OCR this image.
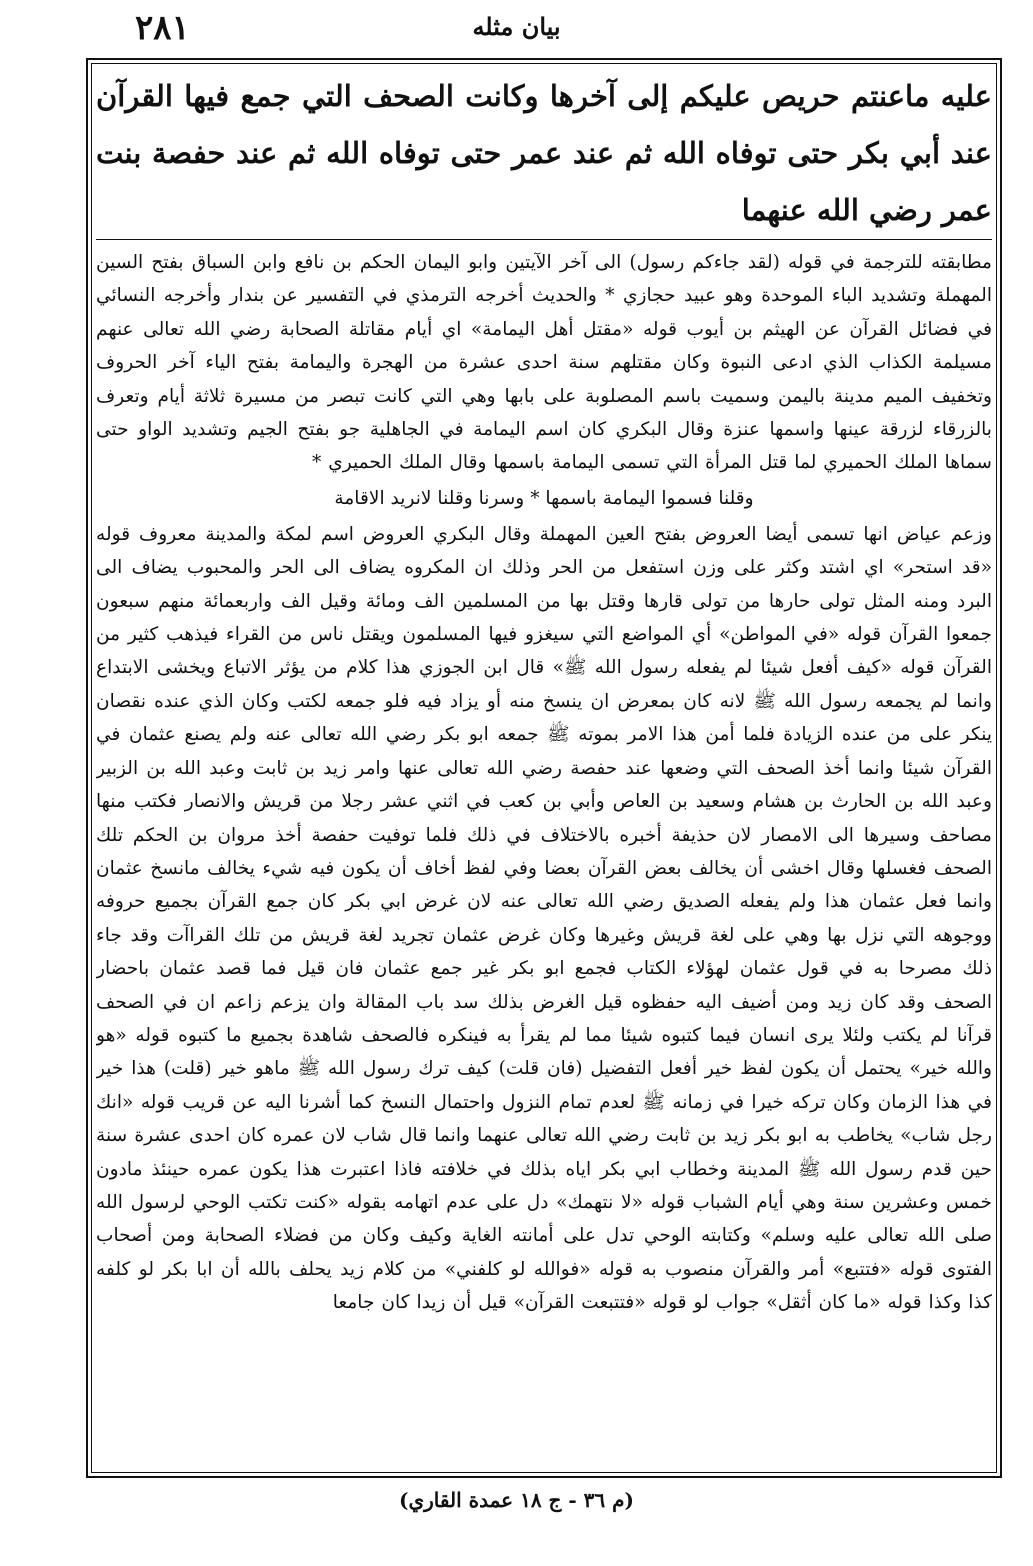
٢٨١	بيان مثله

عليه ماعنتم حريص عليكم إلى آخرها وكانت الصحف التي جمع فيها القرآن عند أبي بكر حتى توفاه الله ثم عند عمر حتى توفاه الله ثم عند حفصة بنت عمر رضي الله عنهما

مطابقته للترجمة في قوله (لقد جاءكم رسول) الى آخر الآيتين وابو اليمان الحكم بن نافع وابن السباق بفتح السين المهملة وتشديد الباء الموحدة وهو عبيد حجازي * والحديث أخرجه الترمذي في التفسير عن بندار وأخرجه النسائي في فضائل القرآن عن الهيثم بن أيوب قوله «مقتل أهل اليمامة» اي أيام مقاتلة الصحابة رضي الله تعالى عنهم مسيلمة الكذاب الذي ادعى النبوة وكان مقتلهم سنة احدى عشرة من الهجرة واليمامة بفتح الياء آخر الحروف وتخفيف الميم مدينة باليمن وسميت باسم المصلوبة على بابها وهي التي كانت تبصر من مسيرة ثلاثة أيام وتعرف بالزرقاء لزرقة عينها واسمها عنزة وقال البكري كان اسم اليمامة في الجاهلية جو بفتح الجيم وتشديد الواو حتى سماها الملك الحميري لما قتل المرأة التي تسمى اليمامة باسمها وقال الملك الحميري *

وقلنا فسموا اليمامة باسمها * وسرنا وقلنا لانريد الاقامة

وزعم عياض انها تسمى أيضا العروض بفتح العين المهملة وقال البكري العروض اسم لمكة والمدينة معروف قوله «قد استحر» اي اشتد وكثر على وزن استفعل من الحر وذلك ان المكروه يضاف الى الحر والمحبوب يضاف الى البرد ومنه المثل تولى حارها من تولى قارها وقتل بها من المسلمين الف ومائة وقيل الف واربعمائة منهم سبعون جمعوا القرآن قوله «في المواطن» أي المواضع التي سيغزو فيها المسلمون ويقتل ناس من القراء فيذهب كثير من القرآن قوله «كيف أفعل شيئا لم يفعله رسول الله ﷺ» قال ابن الجوزي هذا كلام من يؤثر الاتباع ويخشى الابتداع وانما لم يجمعه رسول الله ﷺ لانه كان بمعرض ان ينسخ منه أو يزاد فيه فلو جمعه لكتب وكان الذي عنده نقصان ينكر على من عنده الزيادة فلما أمن هذا الامر بموته ﷺ جمعه ابو بكر رضي الله تعالى عنه ولم يصنع عثمان في القرآن شيئا وانما أخذ الصحف التي وضعها عند حفصة رضي الله تعالى عنها وامر زيد بن ثابت وعبد الله بن الزبير وعبد الله بن الحارث بن هشام وسعيد بن العاص وأبي بن كعب في اثني عشر رجلا من قريش والانصار فكتب منها مصاحف وسيرها الى الامصار لان حذيفة أخبره بالاختلاف في ذلك فلما توفيت حفصة أخذ مروان بن الحكم تلك الصحف فغسلها وقال اخشى أن يخالف بعض القرآن بعضا وفي لفظ أخاف أن يكون فيه شيء يخالف مانسخ عثمان وانما فعل عثمان هذا ولم يفعله الصديق رضي الله تعالى عنه لان غرض ابي بكر كان جمع القرآن بجميع حروفه ووجوهه التي نزل بها وهي على لغة قريش وغيرها وكان غرض عثمان تجريد لغة قريش من تلك القراآت وقد جاء ذلك مصرحا به في قول عثمان لهؤلاء الكتاب فجمع ابو بكر غير جمع عثمان فان قيل فما قصد عثمان باحضار الصحف وقد كان زيد ومن أضيف اليه حفظوه قيل الغرض بذلك سد باب المقالة وان يزعم زاعم ان في الصحف قرآنا لم يكتب ولئلا يرى انسان فيما كتبوه شيئا مما لم يقرأ به فينكره فالصحف شاهدة بجميع ما كتبوه قوله «هو والله خير» يحتمل أن يكون لفظ خير أفعل التفضيل (فان قلت) كيف ترك رسول الله ﷺ ماهو خير (قلت) هذا خير في هذا الزمان وكان تركه خيرا في زمانه ﷺ لعدم تمام النزول واحتمال النسخ كما أشرنا اليه عن قريب قوله «انك رجل شاب» يخاطب به ابو بكر زيد بن ثابت رضي الله تعالى عنهما وانما قال شاب لان عمره كان احدى عشرة سنة حين قدم رسول الله ﷺ المدينة وخطاب ابي بكر اياه بذلك في خلافته فاذا اعتبرت هذا يكون عمره حينئذ مادون خمس وعشرين سنة وهي أيام الشباب قوله «لا نتهمك» دل على عدم اتهامه بقوله «كنت تكتب الوحي لرسول الله صلى الله تعالى عليه وسلم» وكتابته الوحي تدل على أمانته الغاية وكيف وكان من فضلاء الصحابة ومن أصحاب الفتوى قوله «فتتبع» أمر والقرآن منصوب به قوله «فوالله لو كلفني» من كلام زيد يحلف بالله أن ابا بكر لو كلفه كذا وكذا قوله «ما كان أثقل» جواب لو قوله «فتتبعت القرآن» قيل أن زيدا كان جامعا

(م ٣٦ - ج ١٨ عمدة القاري)
